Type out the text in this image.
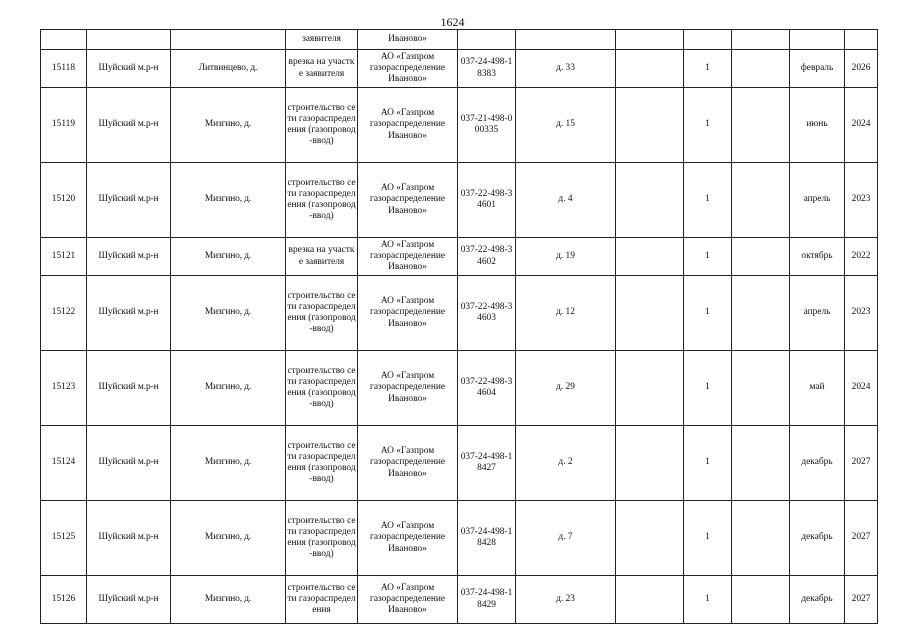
1624
			заявителя	Иваново»							
15118	Шуйский м.р-н	Литвинцево, д.	врезка на участке заявителя	АО «Газпром газораспределение Иваново»	037-24-498-18383	д. 33		1		февраль	2026
15119	Шуйский м.р-н	Мизгино, д.	строительство сети газораспределения (газопровод-ввод)	АО «Газпром газораспределение Иваново»	037-21-498-000335	д. 15		1		июнь	2024
15120	Шуйский м.р-н	Мизгино, д.	строительство сети газораспределения (газопровод-ввод)	АО «Газпром газораспределение Иваново»	037-22-498-34601	д. 4		1		апрель	2023
15121	Шуйский м.р-н	Мизгино, д.	врезка на участке заявителя	АО «Газпром газораспределение Иваново»	037-22-498-34602	д. 19		1		октябрь	2022
15122	Шуйский м.р-н	Мизгино, д.	строительство сети газораспределения (газопровод-ввод)	АО «Газпром газораспределение Иваново»	037-22-498-34603	д. 12		1		апрель	2023
15123	Шуйский м.р-н	Мизгино, д.	строительство сети газораспределения (газопровод-ввод)	АО «Газпром газораспределение Иваново»	037-22-498-34604	д. 29		1		май	2024
15124	Шуйский м.р-н	Мизгино, д.	строительство сети газораспределения (газопровод-ввод)	АО «Газпром газораспределение Иваново»	037-24-498-18427	д. 2		1		декабрь	2027
15125	Шуйский м.р-н	Мизгино, д.	строительство сети газораспределения (газопровод-ввод)	АО «Газпром газораспределение Иваново»	037-24-498-18428	д. 7		1		декабрь	2027
15126	Шуйский м.р-н	Мизгино, д.	строительство сети газораспределения	АО «Газпром газораспределение Иваново»	037-24-498-18429	д. 23		1		декабрь	2027
